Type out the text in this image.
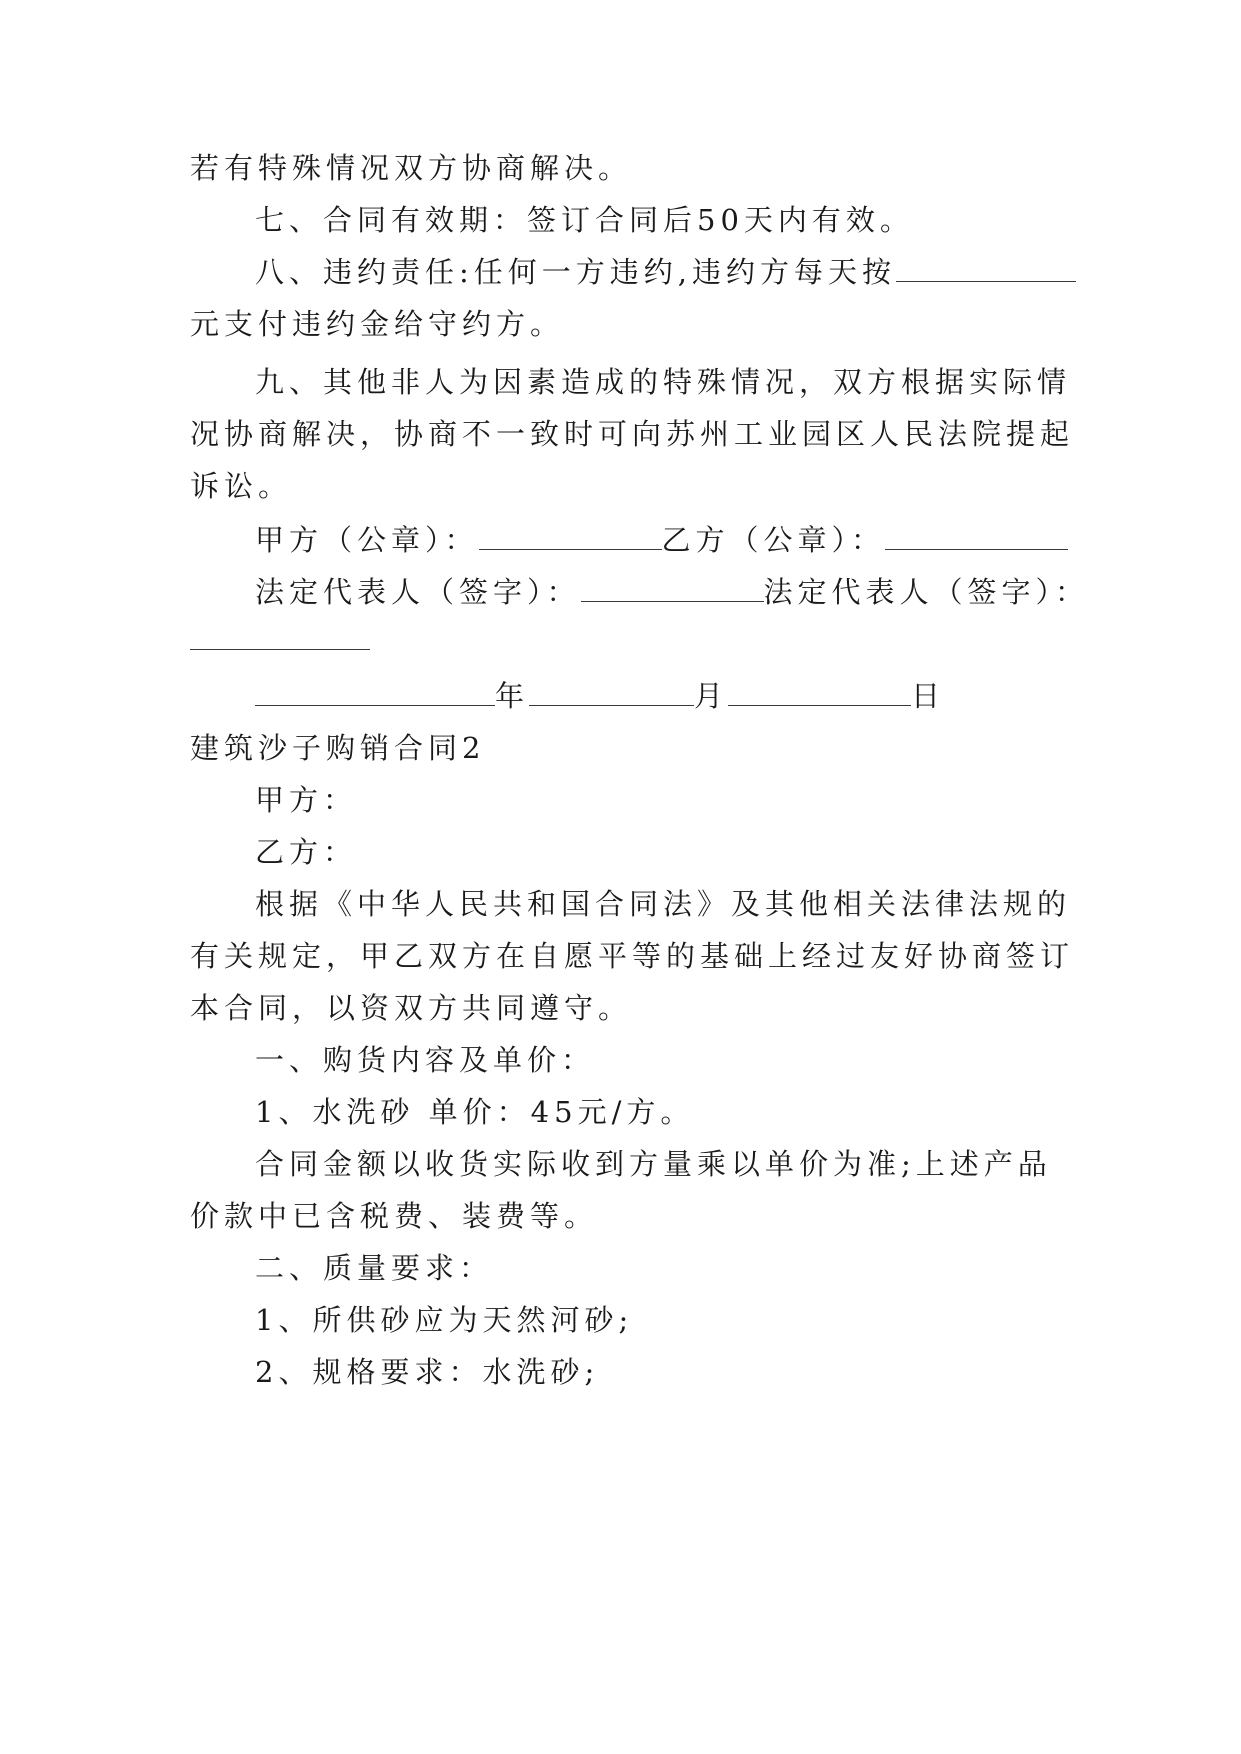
若有特殊情况双方协商解决。
七、合同有效期：签订合同后50天内有效。
八、违约责任:任何一方违约,违约方每天按
元支付违约金给守约方。
九、其他非人为因素造成的特殊情况，双方根据实际情
况协商解决，协商不一致时可向苏州工业园区人民法院提起
诉讼。
甲方（公章）：	乙方（公章）：
法定代表人（签字）：	法定代表人（签字）：
年	月	日
建筑沙子购销合同2
甲方：
乙方：
根据《中华人民共和国合同法》及其他相关法律法规的
有关规定，甲乙双方在自愿平等的基础上经过友好协商签订
本合同，以资双方共同遵守。
一、购货内容及单价：
1、水洗砂 单价：45元/方。
合同金额以收货实际收到方量乘以单价为准;上述产品
价款中已含税费、装费等。
二、质量要求：
1、所供砂应为天然河砂;
2、规格要求：水洗砂;
